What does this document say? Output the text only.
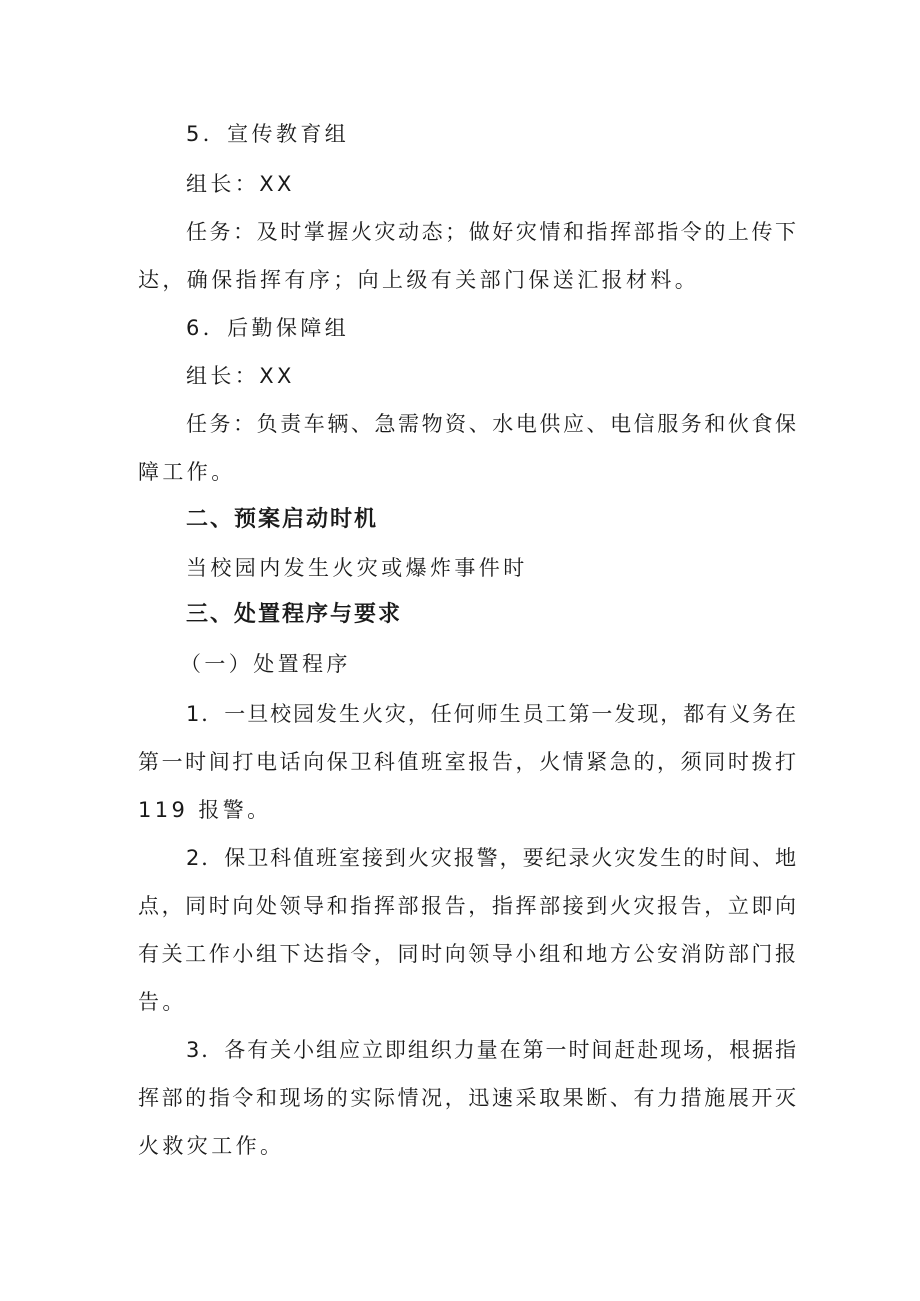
5．宣传教育组
组长：XX
任务：及时掌握火灾动态；做好灾情和指挥部指令的上传下
达，确保指挥有序；向上级有关部门保送汇报材料。
6．后勤保障组
组长：XX
任务：负责车辆、急需物资、水电供应、电信服务和伙食保
障工作。
二、预案启动时机
当校园内发生火灾或爆炸事件时
三、处置程序与要求
（一）处置程序
1．一旦校园发生火灾，任何师生员工第一发现，都有义务在
第一时间打电话向保卫科值班室报告，火情紧急的，须同时拨打
119 报警。
2．保卫科值班室接到火灾报警，要纪录火灾发生的时间、地
点，同时向处领导和指挥部报告，指挥部接到火灾报告，立即向
有关工作小组下达指令，同时向领导小组和地方公安消防部门报
告。
3．各有关小组应立即组织力量在第一时间赶赴现场，根据指
挥部的指令和现场的实际情况，迅速采取果断、有力措施展开灭
火救灾工作。
